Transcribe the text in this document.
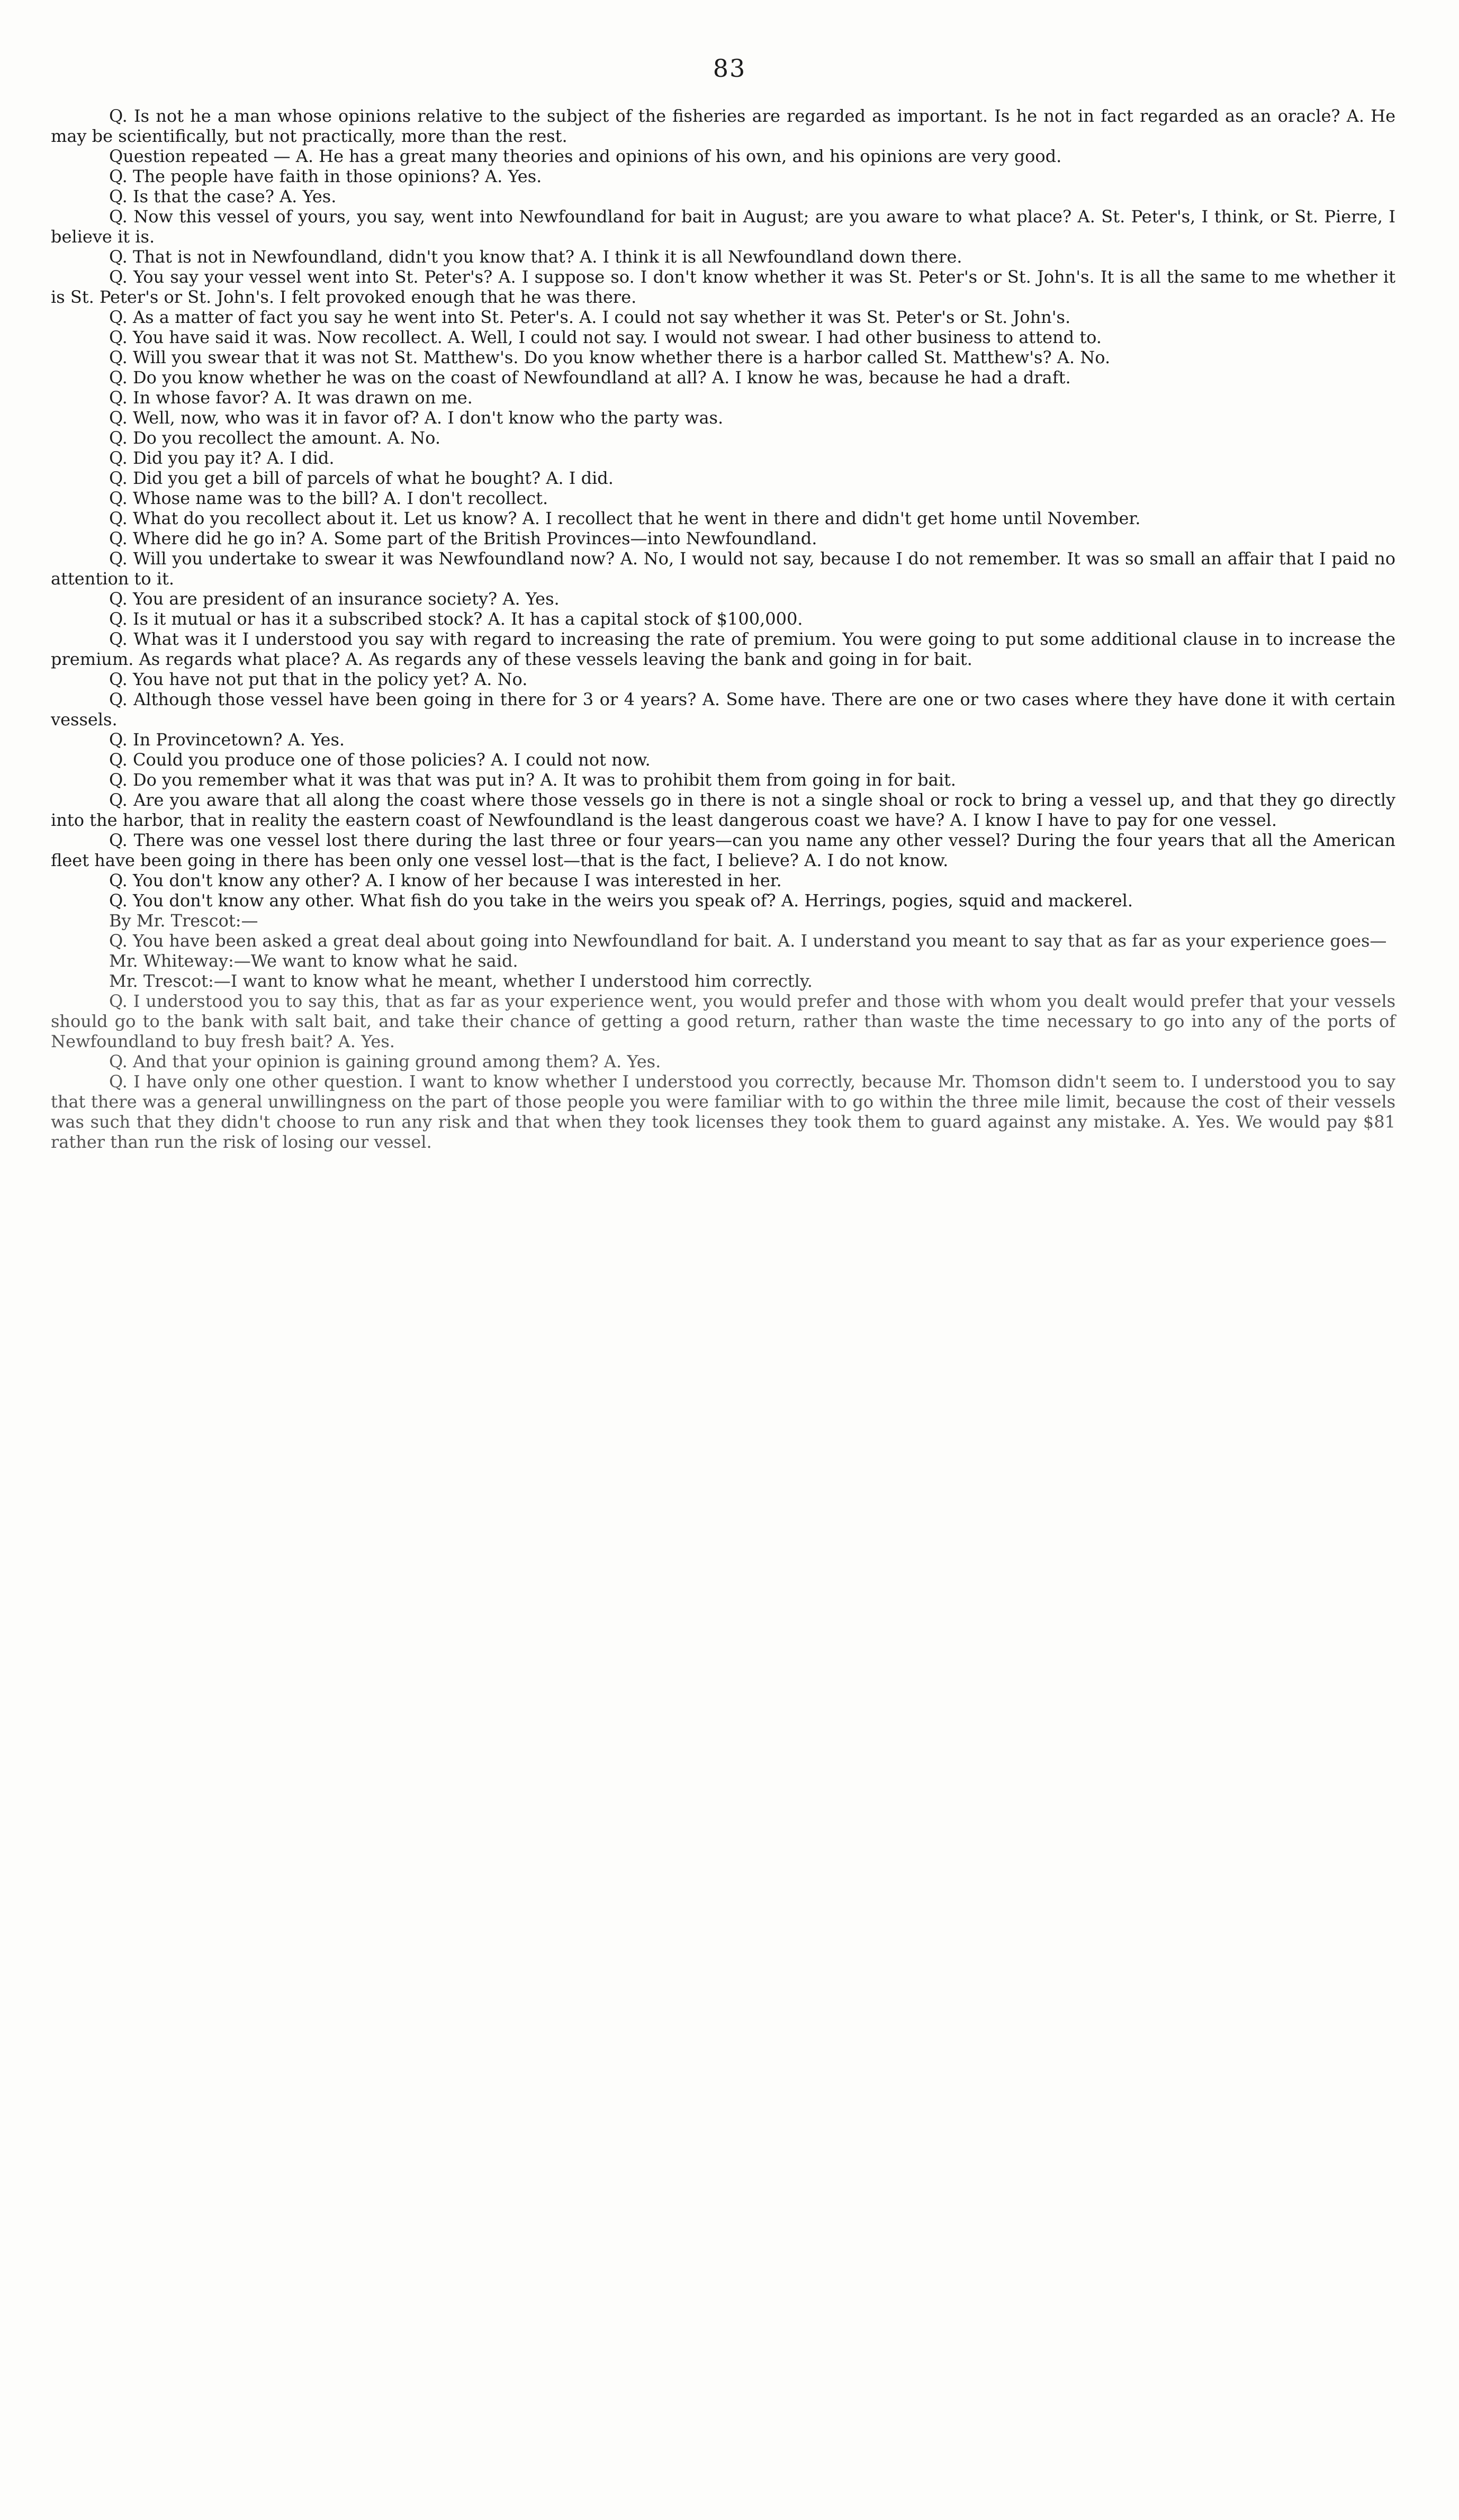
83

Q. Is not he a man whose opinions relative to the subject of the fisheries are regarded as important. Is he not in fact regarded as an oracle? A. He may be scientifically, but not practically, more than the rest.

Question repeated — A. He has a great many theories and opinions of his own, and his opinions are very good.

Q. The people have faith in those opinions? A. Yes.

Q. Is that the case? A. Yes.

Q. Now this vessel of yours, you say, went into Newfoundland for bait in August; are you aware to what place? A. St. Peter's, I think, or St. Pierre, I believe it is.

Q. That is not in Newfoundland, didn't you know that? A. I think it is all Newfoundland down there.

Q. You say your vessel went into St. Peter's? A. I suppose so. I don't know whether it was St. Peter's or St. John's. It is all the same to me whether it is St. Peter's or St. John's. I felt provoked enough that he was there.

Q. As a matter of fact you say he went into St. Peter's. A. I could not say whether it was St. Peter's or St. John's.

Q. You have said it was. Now recollect. A. Well, I could not say. I would not swear. I had other business to attend to.

Q. Will you swear that it was not St. Matthew's. Do you know whether there is a harbor called St. Matthew's? A. No.

Q. Do you know whether he was on the coast of Newfoundland at all? A. I know he was, because he had a draft.

Q. In whose favor? A. It was drawn on me.

Q. Well, now, who was it in favor of? A. I don't know who the party was.

Q. Do you recollect the amount. A. No.

Q. Did you pay it? A. I did.

Q. Did you get a bill of parcels of what he bought? A. I did.

Q. Whose name was to the bill? A. I don't recollect.

Q. What do you recollect about it. Let us know? A. I recollect that he went in there and didn't get home until November.

Q. Where did he go in? A. Some part of the British Provinces—into Newfoundland.

Q. Will you undertake to swear it was Newfoundland now? A. No, I would not say, because I do not remember. It was so small an affair that I paid no attention to it.

Q. You are president of an insurance society? A. Yes.

Q. Is it mutual or has it a subscribed stock? A. It has a capital stock of $100,000.

Q. What was it I understood you say with regard to increasing the rate of premium. You were going to put some additional clause in to increase the premium. As regards what place? A. As regards any of these vessels leaving the bank and going in for bait.

Q. You have not put that in the policy yet? A. No.

Q. Although those vessel have been going in there for 3 or 4 years? A. Some have. There are one or two cases where they have done it with certain vessels.

Q. In Provincetown? A. Yes.

Q. Could you produce one of those policies? A. I could not now.

Q. Do you remember what it was that was put in? A. It was to prohibit them from going in for bait.

Q. Are you aware that all along the coast where those vessels go in there is not a single shoal or rock to bring a vessel up, and that they go directly into the harbor, that in reality the eastern coast of Newfoundland is the least dangerous coast we have? A. I know I have to pay for one vessel.

Q. There was one vessel lost there during the last three or four years—can you name any other vessel? During the four years that all the American fleet have been going in there has been only one vessel lost—that is the fact, I believe? A. I do not know.

Q. You don't know any other? A. I know of her because I was interested in her.

Q. You don't know any other. What fish do you take in the weirs you speak of? A. Herrings, pogies, squid and mackerel.

By Mr. Trescot:—

Q. You have been asked a great deal about going into Newfoundland for bait. A. I understand you meant to say that as far as your experience goes—

Mr. Whiteway:—We want to know what he said.

Mr. Trescot:—I want to know what he meant, whether I understood him correctly.

Q. I understood you to say this, that as far as your experience went, you would prefer and those with whom you dealt would prefer that your vessels should go to the bank with salt bait, and take their chance of getting a good return, rather than waste the time necessary to go into any of the ports of Newfoundland to buy fresh bait? A. Yes.

Q. And that your opinion is gaining ground among them? A. Yes.

Q. I have only one other question. I want to know whether I understood you correctly, because Mr. Thomson didn't seem to. I understood you to say that there was a general unwillingness on the part of those people you were familiar with to go within the three mile limit, because the cost of their vessels was such that they didn't choose to run any risk and that when they took licenses they took them to guard against any mistake. A. Yes. We would pay $81 rather than run the risk of losing our vessel.
